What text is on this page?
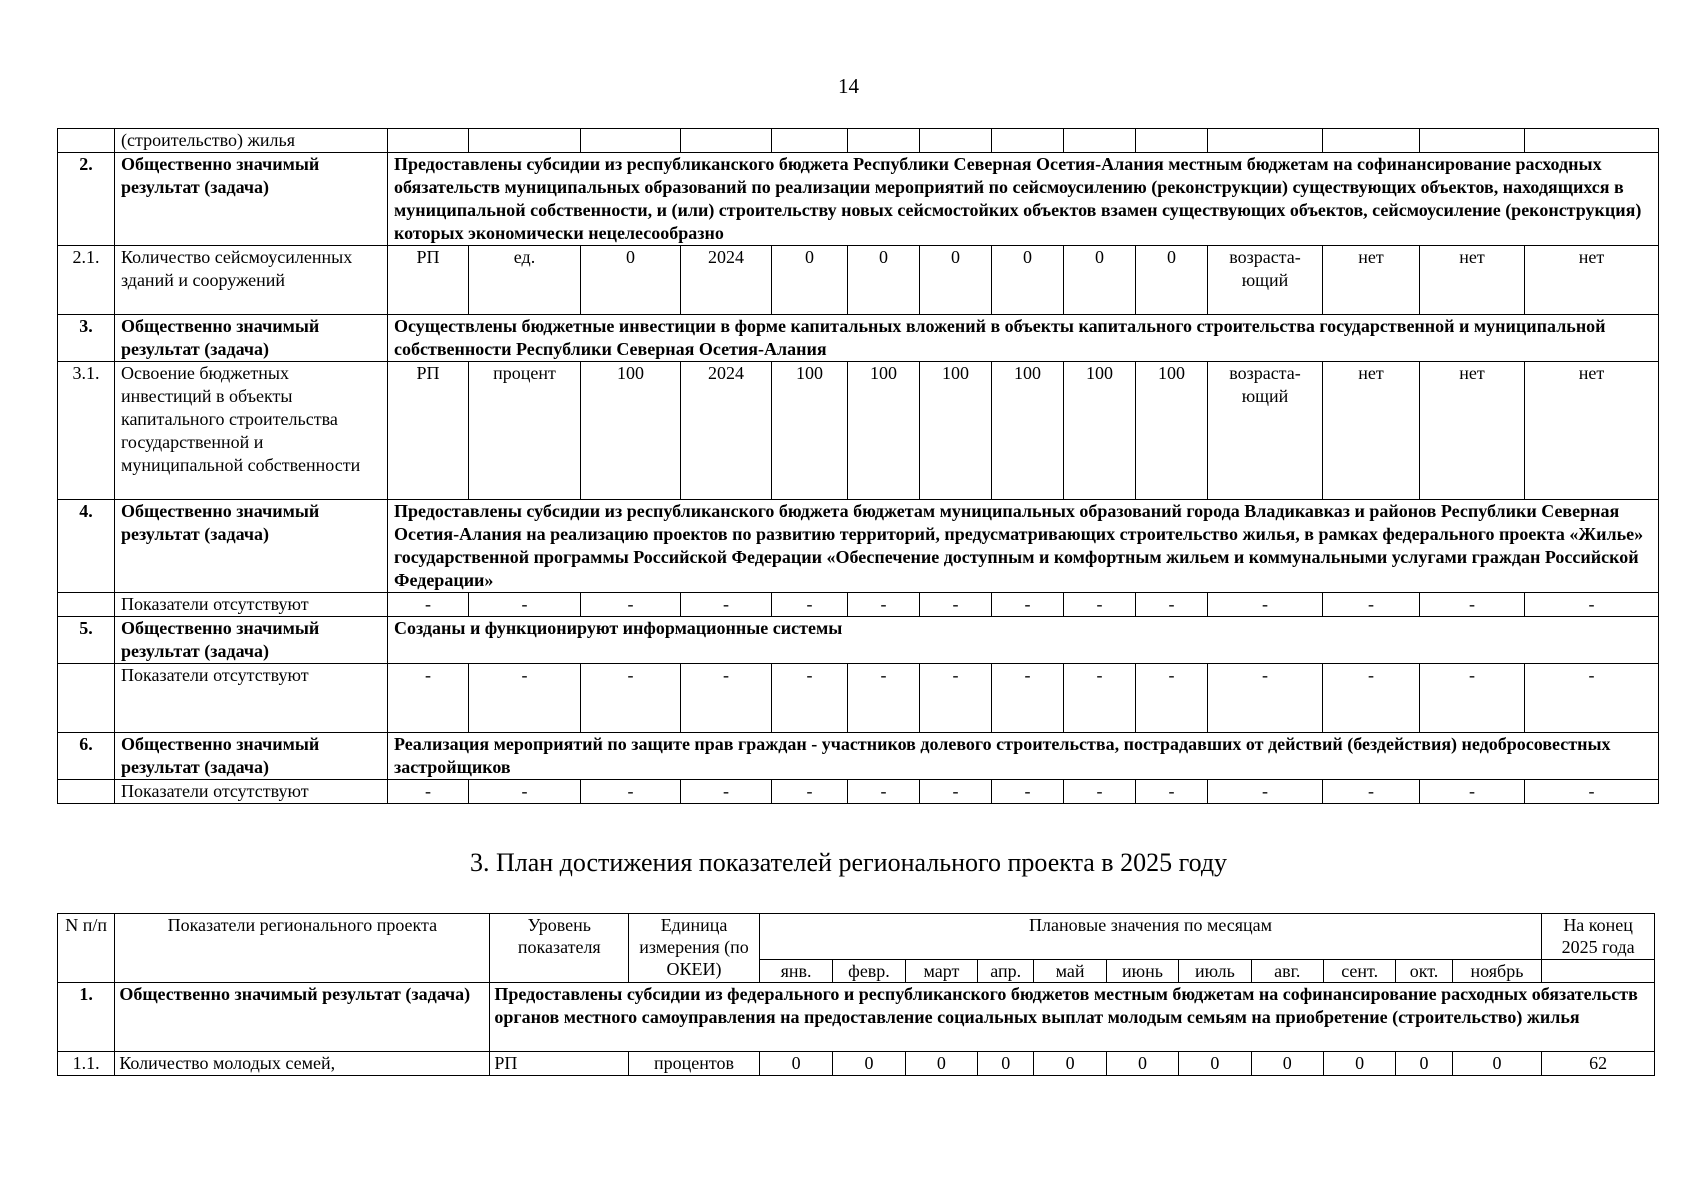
14
	(строительство) жилья														
2.	Общественно значимый результат (задача)	Предоставлены субсидии из республиканского бюджета Республики Северная Осетия-Алания местным бюджетам на софинансирование расходных обязательств муниципальных образований по реализации мероприятий по сейсмоусилению (реконструкции) существующих объектов, находящихся в муниципальной собственности, и (или) строительству новых сейсмостойких объектов взамен существующих объектов, сейсмоусиление (реконструкция) которых экономически нецелесообразно													
2.1.	Количество сейсмоусиленных зданий и сооружений	РП	ед.	0	2024	0	0	0	0	0	0	возраста-ющий	нет	нет	нет
3.	Общественно значимый результат (задача)	Осуществлены бюджетные инвестиции в форме капитальных вложений в объекты капитального строительства государственной и муниципальной собственности Республики Северная Осетия-Алания													
3.1.	Освоение бюджетных инвестиций в объекты капитального строительства государственной и муниципальной собственности	РП	процент	100	2024	100	100	100	100	100	100	возраста-ющий	нет	нет	нет
4.	Общественно значимый результат (задача)	Предоставлены субсидии из республиканского бюджета бюджетам муниципальных образований города Владикавказ и районов Республики Северная Осетия-Алания на реализацию проектов по развитию территорий, предусматривающих строительство жилья, в рамках федерального проекта «Жилье» государственной программы Российской Федерации «Обеспечение доступным и комфортным жильем и коммунальными услугами граждан Российской Федерации»													
	Показатели отсутствуют	-	-	-	-	-	-	-	-	-	-	-	-	-	-
5.	Общественно значимый результат (задача)	Созданы и функционируют информационные системы													
	Показатели отсутствуют	-	-	-	-	-	-	-	-	-	-	-	-	-	-
6.	Общественно значимый результат (задача)	Реализация мероприятий по защите прав граждан - участников долевого строительства, пострадавших от действий (бездействия) недобросовестных застройщиков													
	Показатели отсутствуют	-	-	-	-	-	-	-	-	-	-	-	-	-	-
3. План достижения показателей регионального проекта в 2025 году
N п/п	Показатели регионального проекта	Уровень показателя	Единица измерения (по ОКЕИ)	Плановые значения по месяцам											На конец 2025 года
				янв.	февр.	март	апр.	май	июнь	июль	авг.	сент.	окт.	ноябрь	
1.	Общественно значимый результат (задача)	Предоставлены субсидии из федерального и республиканского бюджетов местным бюджетам на софинансирование расходных обязательств органов местного самоуправления на предоставление социальных выплат молодым семьям на приобретение (строительство) жилья													
1.1.	Количество молодых семей,	РП	процентов	0	0	0	0	0	0	0	0	0	0	0	62
